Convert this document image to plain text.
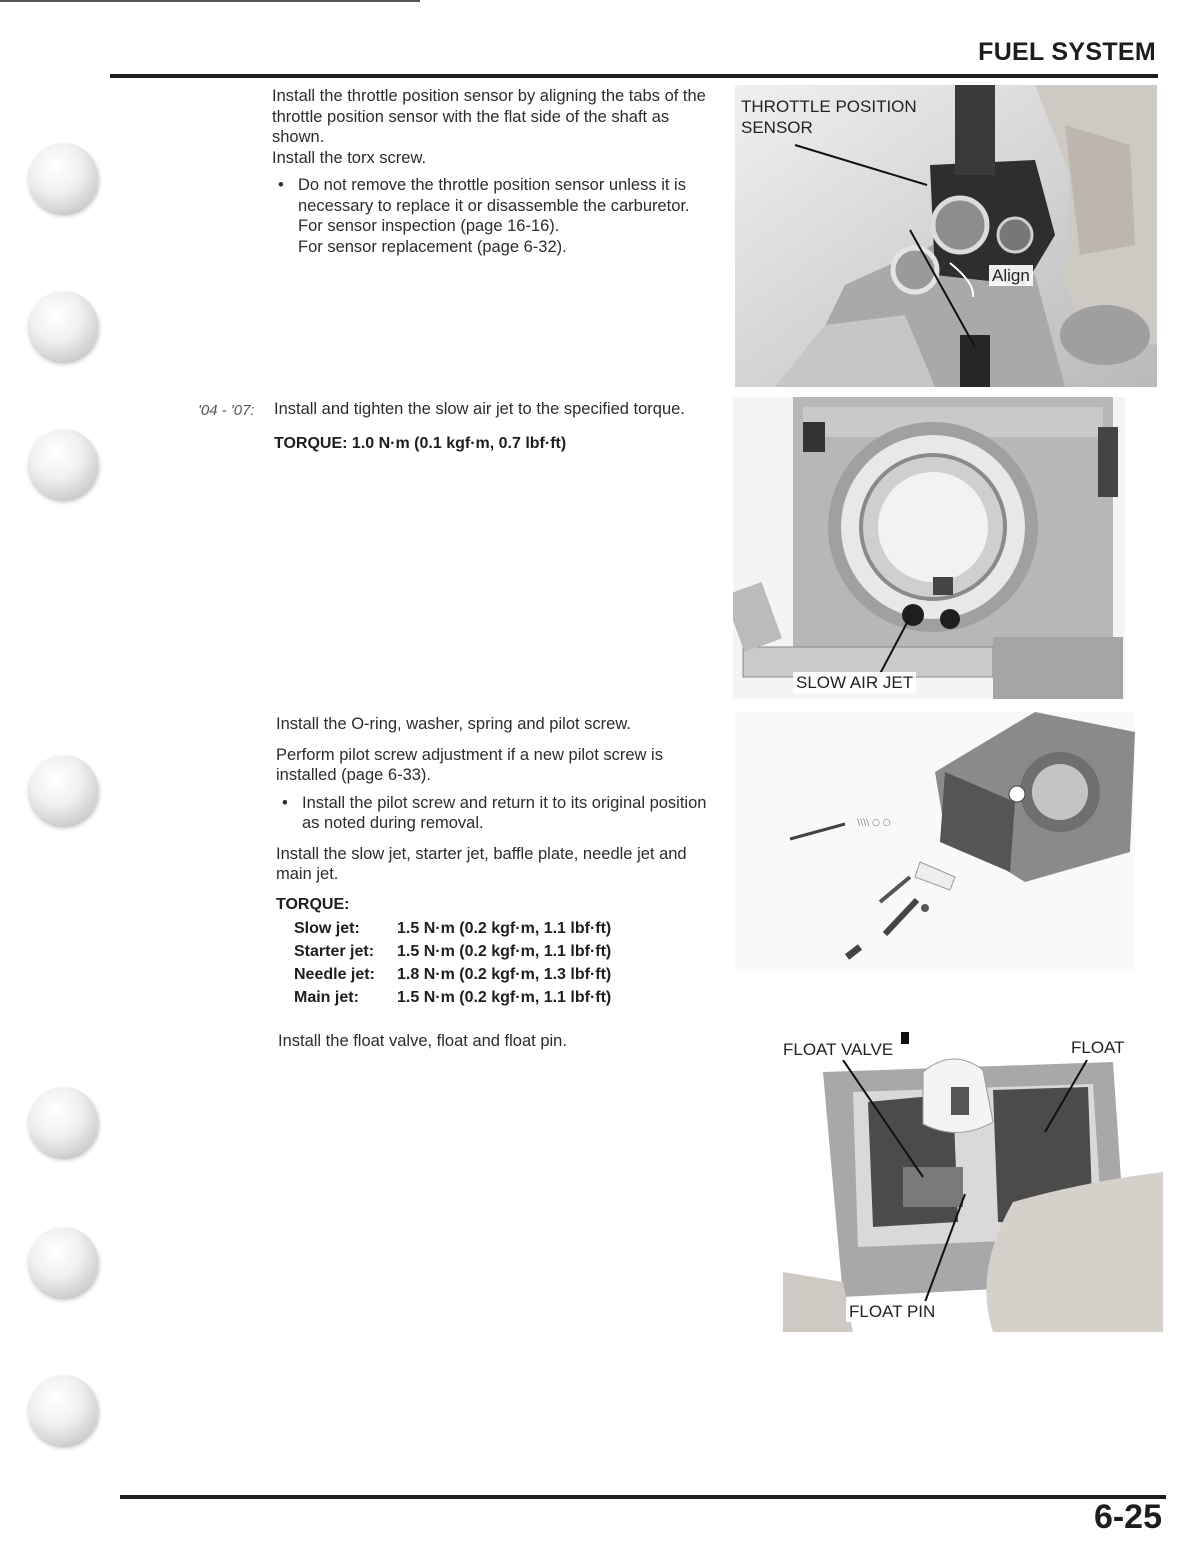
FUEL SYSTEM

Install the throttle position sensor by aligning the tabs of the throttle position sensor with the flat side of the shaft as shown.

Install the torx screw.

• Do not remove the throttle position sensor unless it is necessary to replace it or disassemble the carburetor.
For sensor inspection (page 16-16).
For sensor replacement (page 6-32).
'04 - '07: Install and tighten the slow air jet to the specified torque.

TORQUE: 1.0 N·m (0.1 kgf·m, 0.7 lbf·ft)

Install the O-ring, washer, spring and pilot screw.

Perform pilot screw adjustment if a new pilot screw is installed (page 6-33).

• Install the pilot screw and return it to its original position as noted during removal.

Install the slow jet, starter jet, baffle plate, needle jet and main jet.

TORQUE:
Slow jet:	1.5 N·m (0.2 kgf·m, 1.1 lbf·ft)
Starter jet:	1.5 N·m (0.2 kgf·m, 1.1 lbf·ft)
Needle jet:	1.8 N·m (0.2 kgf·m, 1.3 lbf·ft)
Main jet:	1.5 N·m (0.2 kgf·m, 1.1 lbf·ft)

Install the float valve, float and float pin.

THROTTLE POSITION SENSOR
Align
SLOW AIR JET
\\\\ ○ ○
FLOAT VALVE	FLOAT
FLOAT PIN
6-25
